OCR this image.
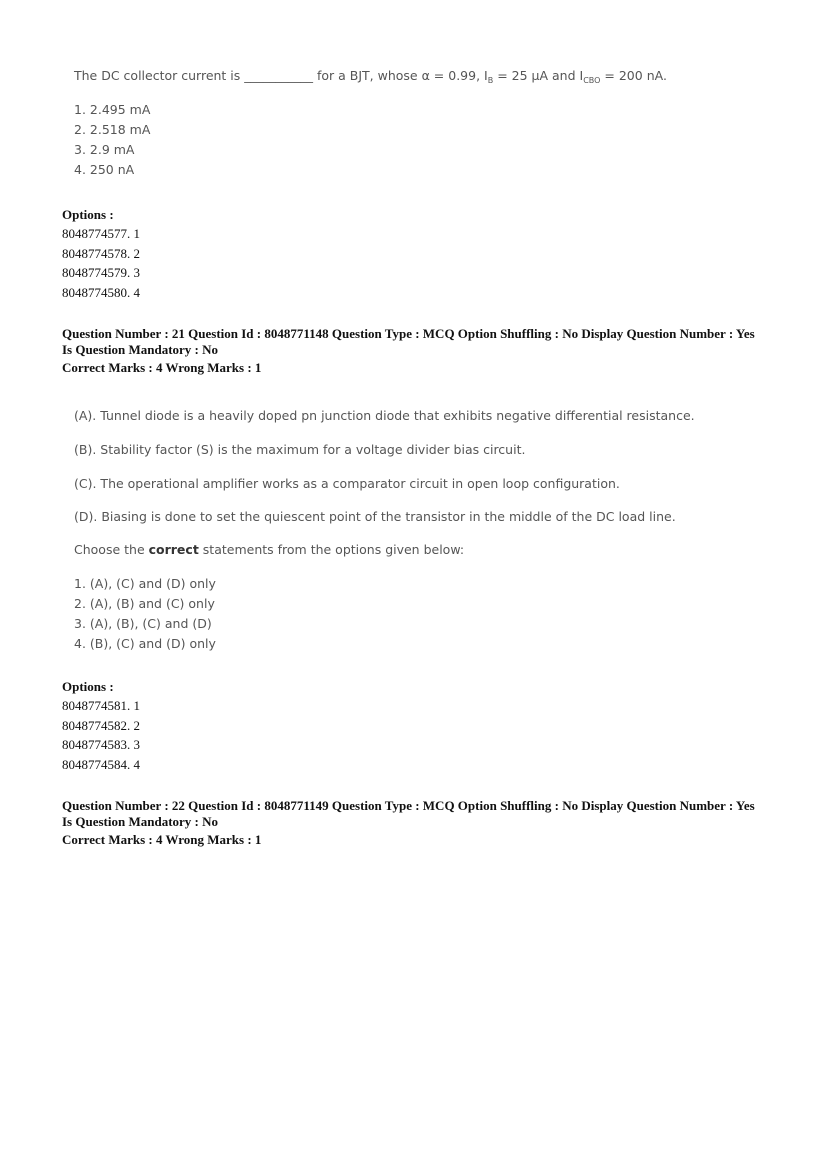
The DC collector current is ___________ for a BJT, whose α = 0.99, $I_B = 25$ μA and $I_{CBO} = 200$ nA.
1. 2.495 mA
2. 2.518 mA
3. 2.9 mA
4. 250 nA
Options :
8048774577. 1
8048774578. 2
8048774579. 3
8048774580. 4
Question Number : 21 Question Id : 8048771148 Question Type : MCQ Option Shuffling : No Display Question Number : Yes
Is Question Mandatory : No
Correct Marks : 4 Wrong Marks : 1
(A). Tunnel diode is a heavily doped pn junction diode that exhibits negative differential resistance.
(B). Stability factor (S) is the maximum for a voltage divider bias circuit.
(C). The operational amplifier works as a comparator circuit in open loop configuration.
(D). Biasing is done to set the quiescent point of the transistor in the middle of the DC load line.
Choose the correct statements from the options given below:
1. (A), (C) and (D) only
2. (A), (B) and (C) only
3. (A), (B), (C) and (D)
4. (B), (C) and (D) only
Options :
8048774581. 1
8048774582. 2
8048774583. 3
8048774584. 4
Question Number : 22 Question Id : 8048771149 Question Type : MCQ Option Shuffling : No Display Question Number : Yes
Is Question Mandatory : No
Correct Marks : 4 Wrong Marks : 1
